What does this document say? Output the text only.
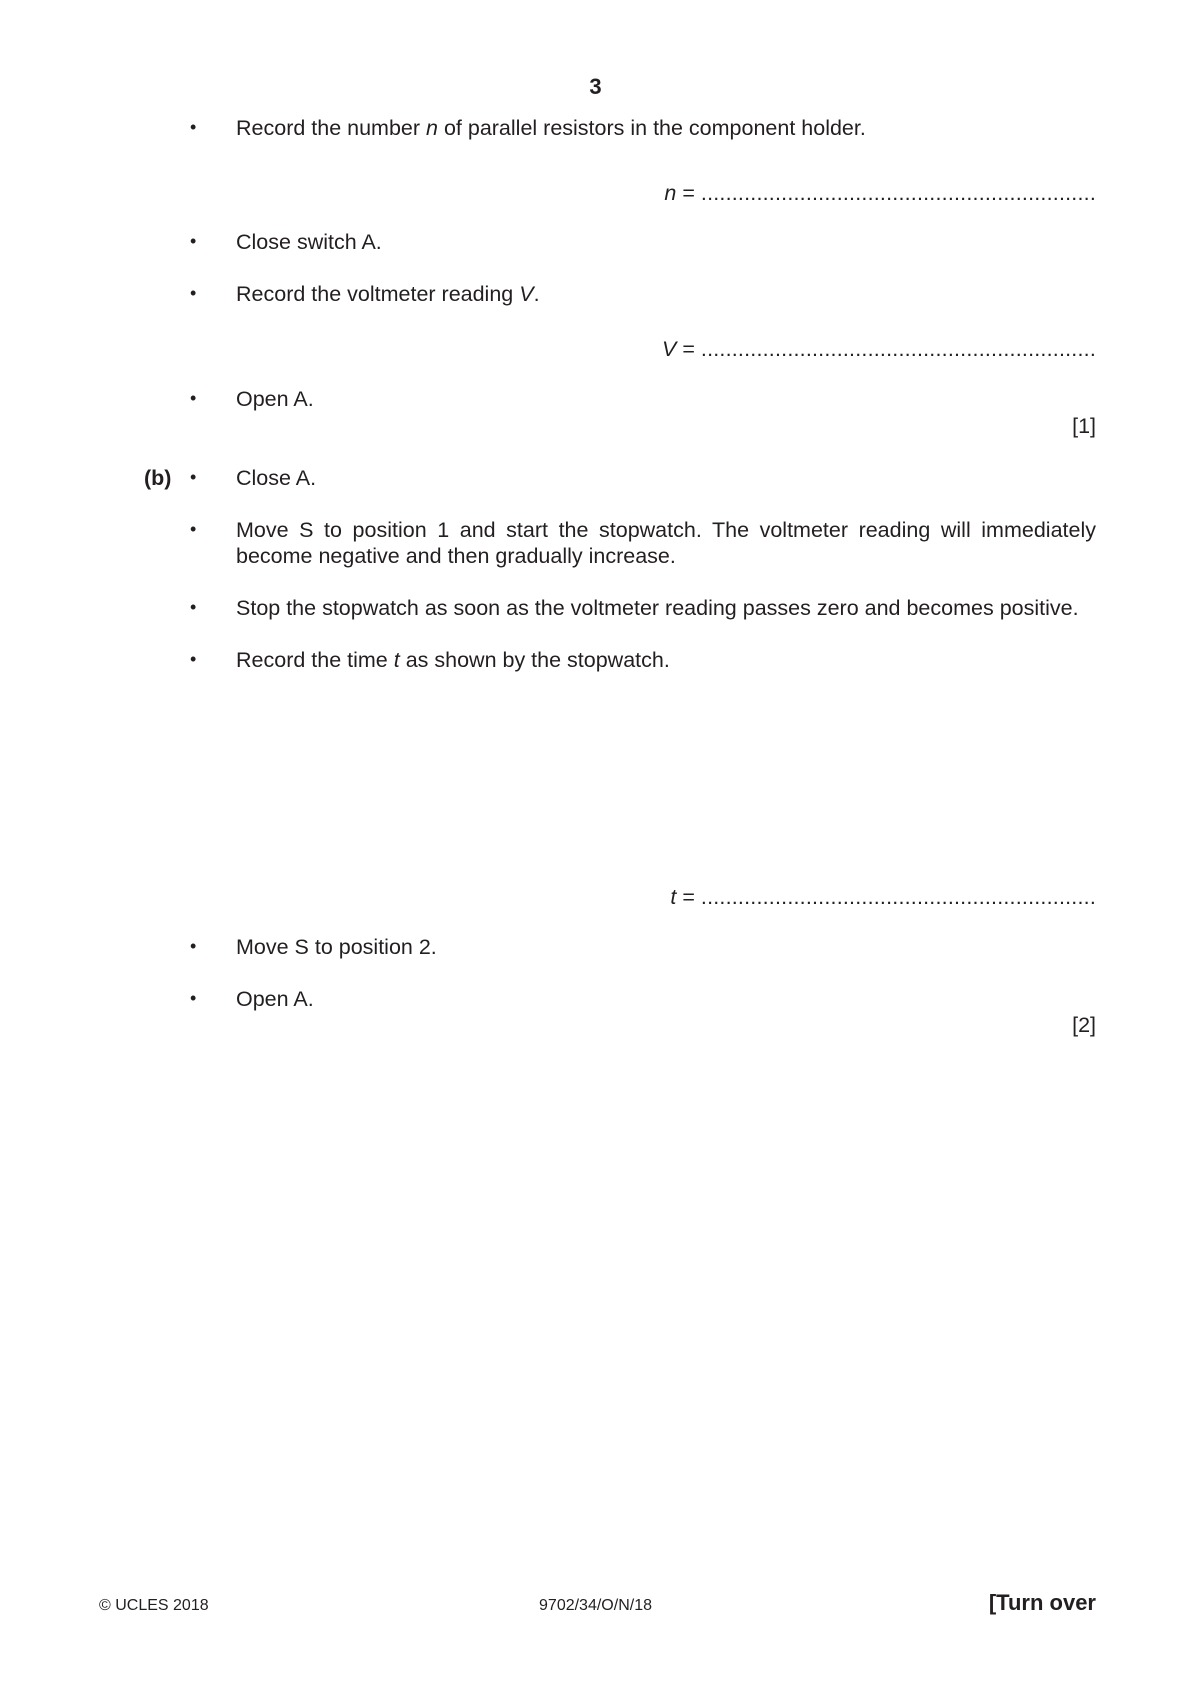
3
• Record the number n of parallel resistors in the component holder.
n = ................................................................
• Close switch A.
• Record the voltmeter reading V.
V = ................................................................
• Open A.
[1]
(b) • Close A.
• Move S to position 1 and start the stopwatch. The voltmeter reading will immediately become negative and then gradually increase.
• Stop the stopwatch as soon as the voltmeter reading passes zero and becomes positive.
• Record the time t as shown by the stopwatch.
t = ................................................................
• Move S to position 2.
• Open A.
[2]
© UCLES 2018	9702/34/O/N/18	[Turn over
